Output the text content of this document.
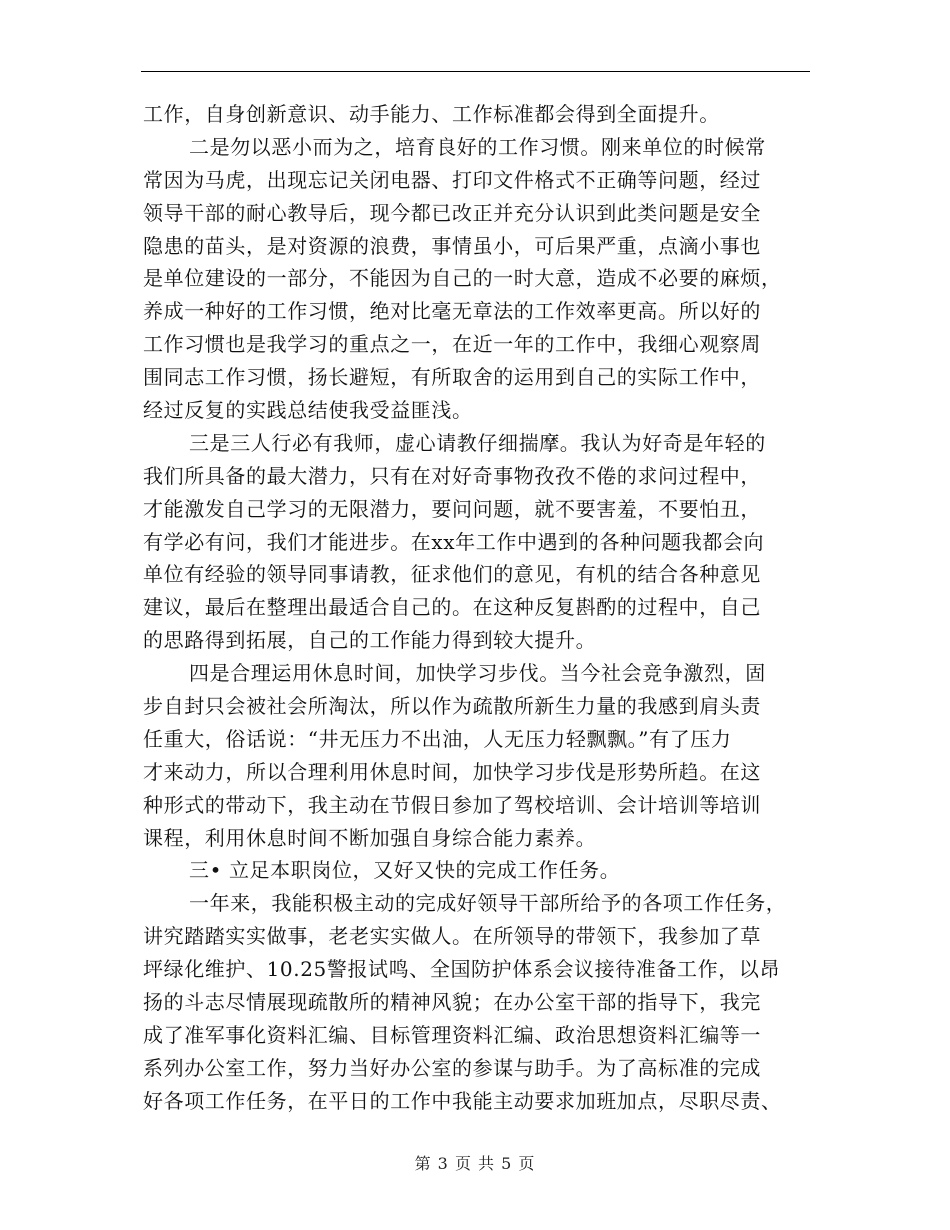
工作，自身创新意识、动手能力、工作标准都会得到全面提升。
二是勿以恶小而为之，培育良好的工作习惯。刚来单位的时候常
常因为马虎，出现忘记关闭电器、打印文件格式不正确等问题，经过
领导干部的耐心教导后，现今都已改正并充分认识到此类问题是安全
隐患的苗头，是对资源的浪费，事情虽小，可后果严重，点滴小事也
是单位建设的一部分，不能因为自己的一时大意，造成不必要的麻烦，
养成一种好的工作习惯，绝对比毫无章法的工作效率更高。所以好的
工作习惯也是我学习的重点之一，在近一年的工作中，我细心观察周
围同志工作习惯，扬长避短，有所取舍的运用到自己的实际工作中，
经过反复的实践总结使我受益匪浅。
三是三人行必有我师，虚心请教仔细揣摩。我认为好奇是年轻的
我们所具备的最大潜力，只有在对好奇事物孜孜不倦的求问过程中，
才能激发自己学习的无限潜力，要问问题，就不要害羞，不要怕丑，
有学必有问，我们才能进步。在xx年工作中遇到的各种问题我都会向
单位有经验的领导同事请教，征求他们的意见，有机的结合各种意见
建议，最后在整理出最适合自己的。在这种反复斟酌的过程中，自己
的思路得到拓展，自己的工作能力得到较大提升。
四是合理运用休息时间，加快学习步伐。当今社会竞争激烈，固
步自封只会被社会所淘汰，所以作为疏散所新生力量的我感到肩头责
任重大，俗话说：“井无压力不出油，人无压力轻飘飘。”有了压力
才来动力，所以合理利用休息时间，加快学习步伐是形势所趋。在这
种形式的带动下，我主动在节假日参加了驾校培训、会计培训等培训
课程，利用休息时间不断加强自身综合能力素养。
三• 立足本职岗位，又好又快的完成工作任务。
一年来，我能积极主动的完成好领导干部所给予的各项工作任务，
讲究踏踏实实做事，老老实实做人。在所领导的带领下，我参加了草
坪绿化维护、10.25警报试鸣、全国防护体系会议接待准备工作，以昂
扬的斗志尽情展现疏散所的精神风貌；在办公室干部的指导下，我完
成了准军事化资料汇编、目标管理资料汇编、政治思想资料汇编等一
系列办公室工作，努力当好办公室的参谋与助手。为了高标准的完成
好各项工作任务，在平日的工作中我能主动要求加班加点，尽职尽责、
第 3 页 共 5 页
